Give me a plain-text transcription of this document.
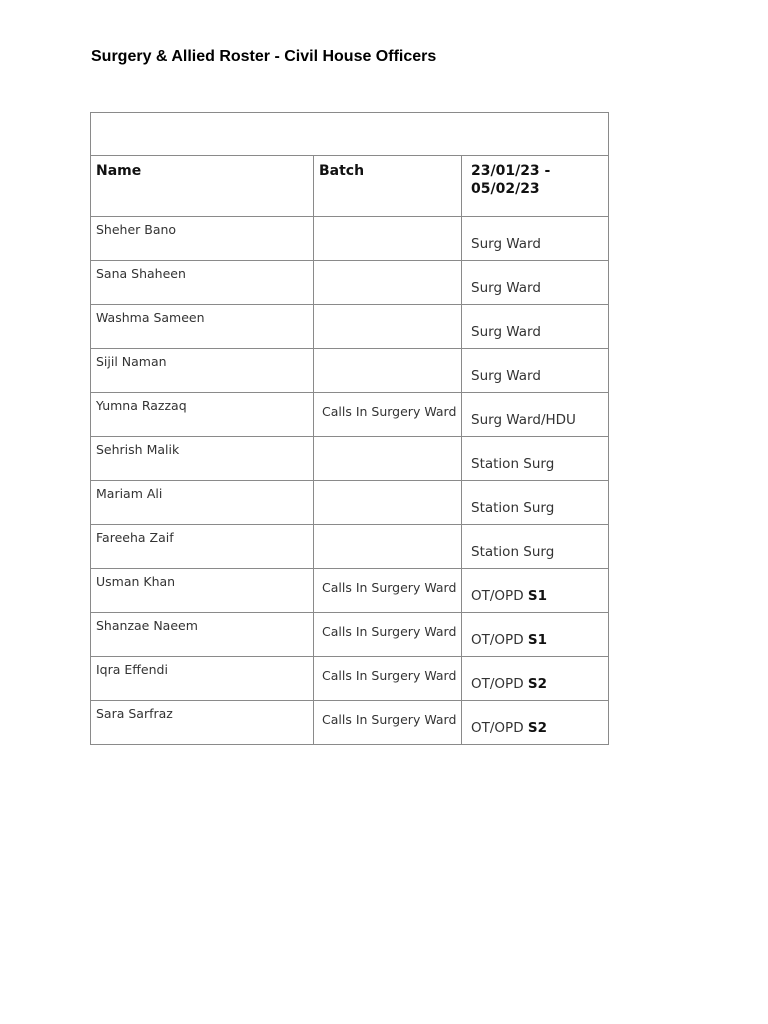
Surgery & Allied Roster - Civil House Officers

Name	Batch	23/01/23 - 05/02/23

Sheher Bano		Surg Ward

Sana Shaheen		Surg Ward

Washma Sameen		Surg Ward

Sijil Naman		Surg Ward

Yumna Razzaq	Calls In Surgery Ward	Surg Ward/HDU

Sehrish Malik		Station Surg

Mariam Ali		Station Surg

Fareeha Zaif		Station Surg

Usman Khan	Calls In Surgery Ward	OT/OPD S1

Shanzae Naeem	Calls In Surgery Ward	OT/OPD S1

Iqra Effendi	Calls In Surgery Ward	OT/OPD S2

Sara Sarfraz	Calls In Surgery Ward	OT/OPD S2
